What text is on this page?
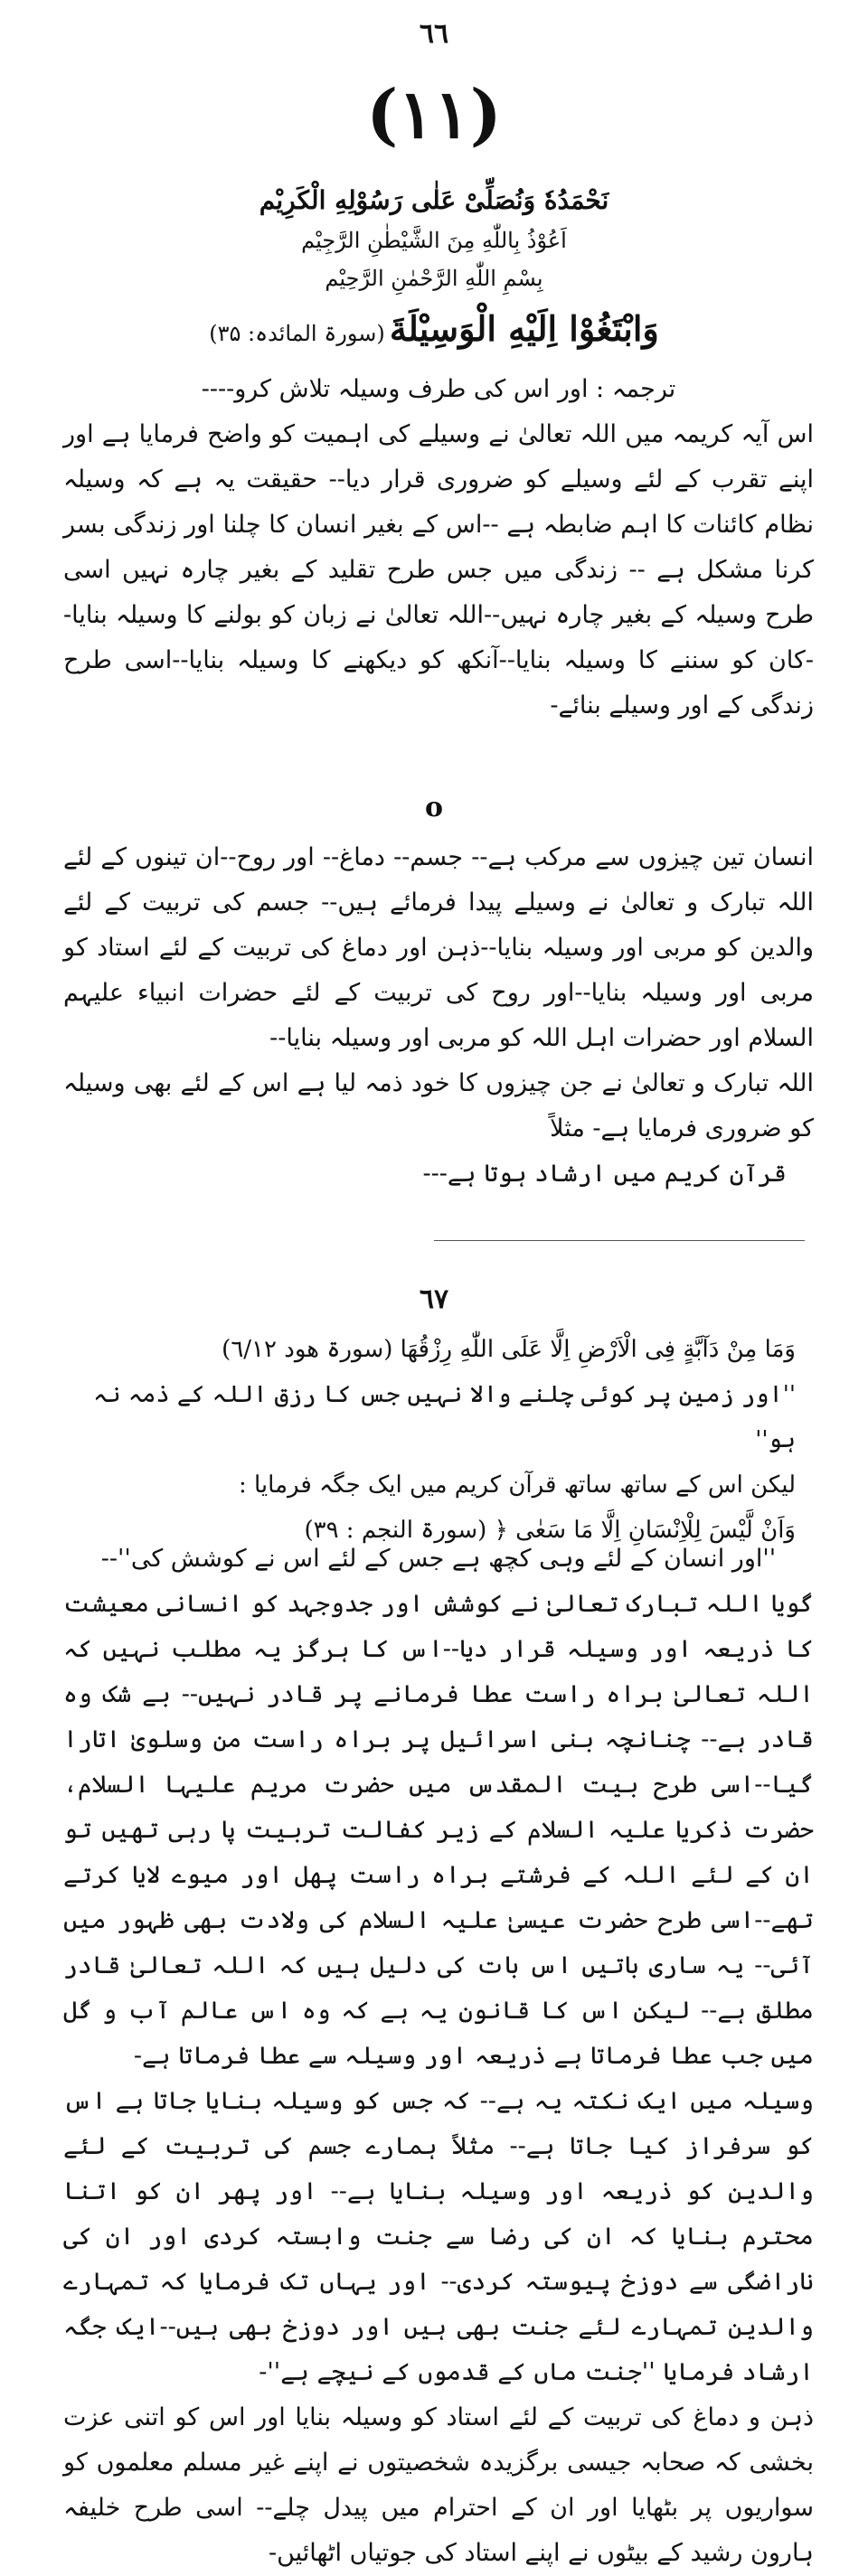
٦٦
(١١)
نَحْمَدُهٗ وَنُصَلِّیْ عَلٰی رَسُوْلِهِ الْکَرِیْم
اَعُوْذُ بِاللّٰهِ مِنَ الشَّیْطٰنِ الرَّجِیْم
بِسْمِ اللّٰهِ الرَّحْمٰنِ الرَّحِیْم
وَابْتَغُوْا اِلَیْهِ الْوَسِیْلَةَ (سورۃ المائدہ: ۳۵)

ترجمہ : اور اس کی طرف وسیلہ تلاش کرو----

اس آیہ کریمہ میں اللہ تعالیٰ نے وسیلے کی اہمیت کو واضح فرمایا ہے اور اپنے تقرب کے لئے وسیلے کو ضروری قرار دیا-- حقیقت یہ ہے کہ وسیلہ نظام کائنات کا اہم ضابطہ ہے --اس کے بغیر انسان کا چلنا اور زندگی بسر کرنا مشکل ہے -- زندگی میں جس طرح تقلید کے بغیر چارہ نہیں اسی طرح وسیلہ کے بغیر چارہ نہیں--اللہ تعالیٰ نے زبان کو بولنے کا وسیلہ بنایا--کان کو سننے کا وسیلہ بنایا--آنکھ کو دیکھنے کا وسیلہ بنایا--اسی طرح زندگی کے اور وسیلے بنائے-

o

انسان تین چیزوں سے مرکب ہے-- جسم-- دماغ-- اور روح--ان تینوں کے لئے اللہ تبارک و تعالیٰ نے وسیلے پیدا فرمائے ہیں-- جسم کی تربیت کے لئے والدین کو مربی اور وسیلہ بنایا--ذہن اور دماغ کی تربیت کے لئے استاد کو مربی اور وسیلہ بنایا--اور روح کی تربیت کے لئے حضرات انبیاء علیہم السلام اور حضرات اہل اللہ کو مربی اور وسیلہ بنایا--

اللہ تبارک و تعالیٰ نے جن چیزوں کا خود ذمہ لیا ہے اس کے لئے بھی وسیلہ کو ضروری فرمایا ہے- مثلاً

قرآن کریم میں ارشاد ہوتا ہے---

٦٧

وَمَا مِنْ دَآبَّةٍ فِی الْاَرْضِ اِلَّا عَلَی اللّٰهِ رِزْقُهَا (سورۃ ھود ٦/١٢)

''اور زمین پر کوئی چلنے والا نہیں جس کا رزق اللہ کے ذمہ نہ ہو''

لیکن اس کے ساتھ ساتھ قرآن کریم میں ایک جگہ فرمایا :

وَاَنْ لَّیْسَ لِلْاِنْسَانِ اِلَّا مَا سَعٰی ﴿ (سورۃ النجم : ۳۹)

''اور انسان کے لئے وہی کچھ ہے جس کے لئے اس نے کوشش کی''--

گویا اللہ تبارک تعالیٰ نے کوشش اور جدوجہد کو انسانی معیشت کا ذریعہ اور وسیلہ قرار دیا--اس کا ہرگز یہ مطلب نہیں کہ اللہ تعالیٰ براہ راست عطا فرمانے پر قادر نہیں-- بے شک وہ قادر ہے-- چنانچہ بنی اسرائیل پر براہ راست من وسلویٰ اتارا گیا--اسی طرح بیت المقدس میں حضرت مریم علیہا السلام، حضرت ذکریا علیہ السلام کے زیر کفالت تربیت پا رہی تھیں تو ان کے لئے اللہ کے فرشتے براہ راست پھل اور میوے لایا کرتے تھے--اسی طرح حضرت عیسیٰ علیہ السلام کی ولادت بھی ظہور میں آئی-- یہ ساری باتیں اس بات کی دلیل ہیں کہ اللہ تعالیٰ قادر مطلق ہے-- لیکن اس کا قانون یہ ہے کہ وہ اس عالم آب و گل میں جب عطا فرماتا ہے ذریعہ اور وسیلہ سے عطا فرماتا ہے-

وسیلہ میں ایک نکتہ یہ ہے-- کہ جس کو وسیلہ بنایا جاتا ہے اس کو سرفراز کیا جاتا ہے-- مثلاً ہمارے جسم کی تربیت کے لئے والدین کو ذریعہ اور وسیلہ بنایا ہے-- اور پھر ان کو اتنا محترم بنایا کہ ان کی رضا سے جنت وابستہ کردی اور ان کی ناراضگی سے دوزخ پیوستہ کردی-- اور یہاں تک فرمایا کہ تمہارے والدین تمہارے لئے جنت بھی ہیں اور دوزخ بھی ہیں--ایک جگہ ارشاد فرمایا ''جنت ماں کے قدموں کے نیچے ہے''-

ذہن و دماغ کی تربیت کے لئے استاد کو وسیلہ بنایا اور اس کو اتنی عزت بخشی کہ صحابہ جیسی برگزیدہ شخصیتوں نے اپنے غیر مسلم معلموں کو سواریوں پر بٹھایا اور ان کے احترام میں پیدل چلے-- اسی طرح خلیفہ ہارون رشید کے بیٹوں نے اپنے استاد کی جوتیاں اٹھائیں-
